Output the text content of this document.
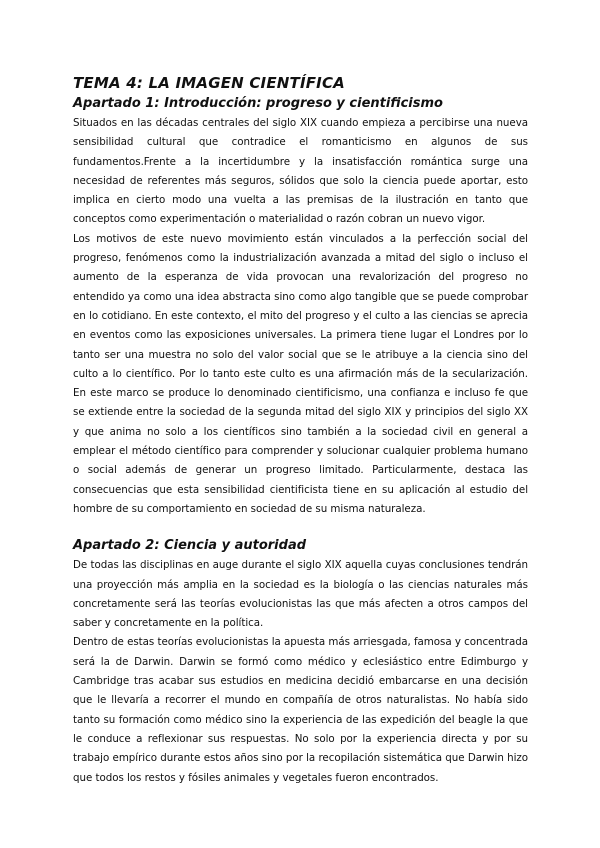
TEMA 4: LA IMAGEN CIENTÍFICA
Apartado 1: Introducción: progreso y cientificismo

Situados en las décadas centrales del siglo XIX cuando empieza a percibirse una nueva sensibilidad cultural que contradice el romanticismo en algunos de sus fundamentos.Frente a la incertidumbre y la insatisfacción romántica surge una necesidad de referentes más seguros, sólidos que solo la ciencia puede aportar, esto implica en cierto modo una vuelta a las premisas de la ilustración en tanto que conceptos como experimentación o materialidad o razón cobran un nuevo vigor.

Los motivos de este nuevo movimiento están vinculados a la perfección social del progreso, fenómenos como la industrialización avanzada a mitad del siglo o incluso el aumento de la esperanza de vida provocan una revalorización del progreso no entendido ya como una idea abstracta sino como algo tangible que se puede comprobar en lo cotidiano. En este contexto, el mito del progreso y el culto a las ciencias se aprecia en eventos como las exposiciones universales. La primera tiene lugar el Londres por lo tanto ser una muestra no solo del valor social que se le atribuye a la ciencia sino del culto a lo científico. Por lo tanto este culto es una afirmación más de la secularización. En este marco se produce lo denominado cientificismo, una confianza e incluso fe que se extiende entre la sociedad de la segunda mitad del siglo XIX y principios del siglo XX y que anima no solo a los científicos sino también a la sociedad civil en general a emplear el método científico para comprender y solucionar cualquier problema humano o social además de generar un progreso limitado. Particularmente, destaca las consecuencias que esta sensibilidad cientificista tiene en su aplicación al estudio del hombre de su comportamiento en sociedad de su misma naturaleza.

Apartado 2: Ciencia y autoridad

De todas las disciplinas en auge durante el siglo XIX aquella cuyas conclusiones tendrán una proyección más amplia en la sociedad es la biología o las ciencias naturales más concretamente será las teorías evolucionistas las que más afecten a otros campos del saber y concretamente en la política.

Dentro de estas teorías evolucionistas la apuesta más arriesgada, famosa y concentrada será la de Darwin. Darwin se formó como médico y eclesiástico entre Edimburgo y Cambridge tras acabar sus estudios en medicina decidió embarcarse en una decisión que le llevaría a recorrer el mundo en compañía de otros naturalistas. No había sido tanto su formación como médico sino la experiencia de las expedición del beagle la que le conduce a reflexionar sus respuestas. No solo por la experiencia directa y por su trabajo empírico durante estos años sino por la recopilación sistemática que Darwin hizo que todos los restos y fósiles animales y vegetales fueron encontrados.
